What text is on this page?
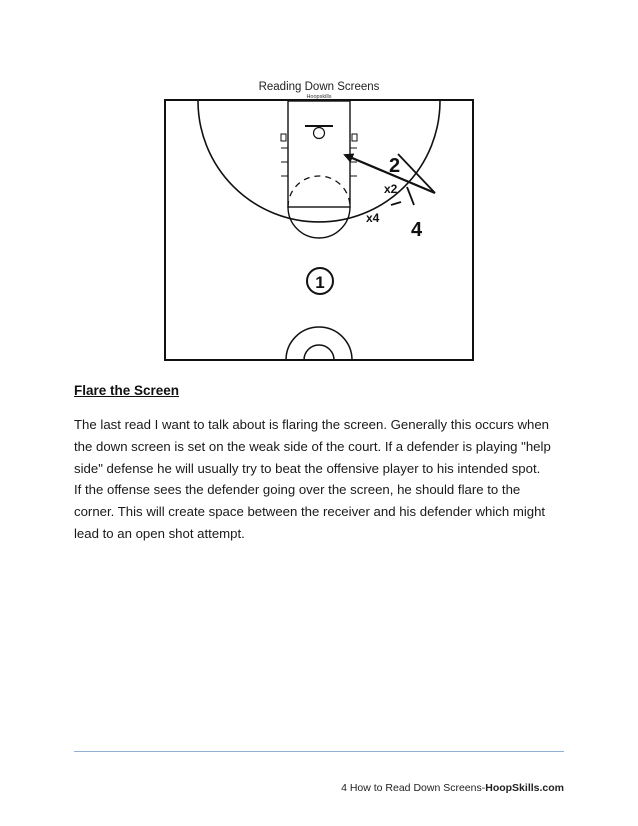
2
x2
x4
4
1
Reading Down Screens
Hoopskills
Flare the Screen
The last read I want to talk about is flaring the screen. Generally this occurs when
the down screen is set on the weak side of the court. If a defender is playing "help
side" defense he will usually try to beat the offensive player to his intended spot.
If the offense sees the defender going over the screen, he should flare to the
corner. This will create space between the receiver and his defender which might
lead to an open shot attempt.
4 How to Read Down Screens-HoopSkills.com
